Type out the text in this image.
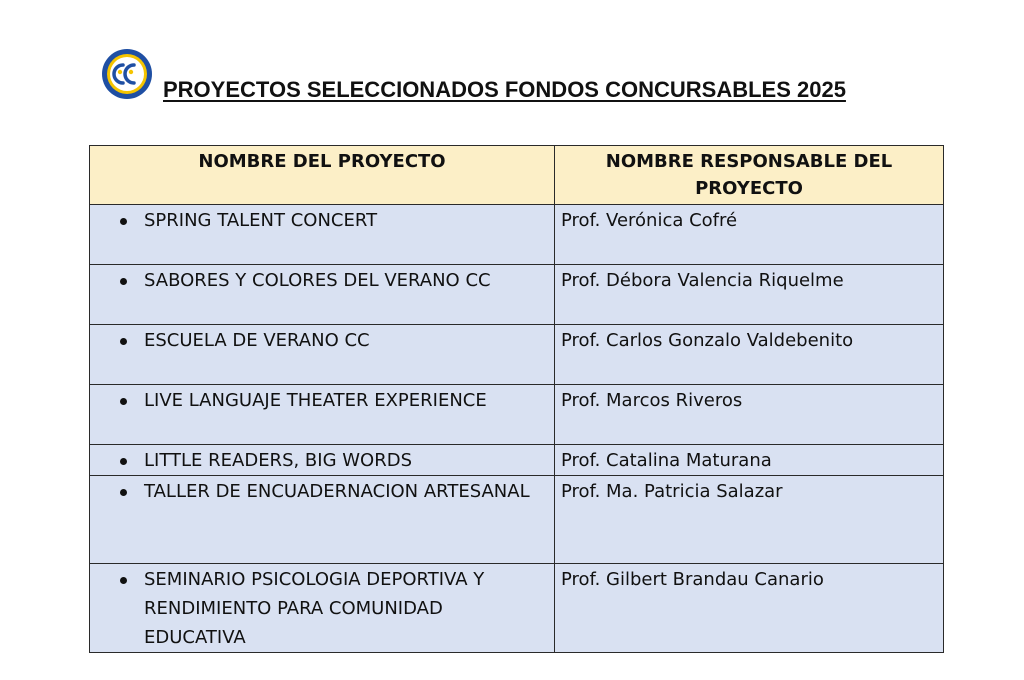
PROYECTOS SELECCIONADOS FONDOS CONCURSABLES 2025
NOMBRE DEL PROYECTO	NOMBRE RESPONSABLE DEL PROYECTO

SPRING TALENT CONCERT	Prof. Verónica Cofré

SABORES Y COLORES DEL VERANO CC	Prof. Débora Valencia Riquelme

ESCUELA DE VERANO CC	Prof. Carlos Gonzalo Valdebenito

LIVE LANGUAJE THEATER EXPERIENCE	Prof. Marcos Riveros

LITTLE READERS, BIG WORDS	Prof. Catalina Maturana

TALLER DE ENCUADERNACION ARTESANAL	Prof. Ma. Patricia Salazar

SEMINARIO PSICOLOGIA DEPORTIVA Y RENDIMIENTO PARA COMUNIDAD EDUCATIVA	Prof. Gilbert Brandau Canario
